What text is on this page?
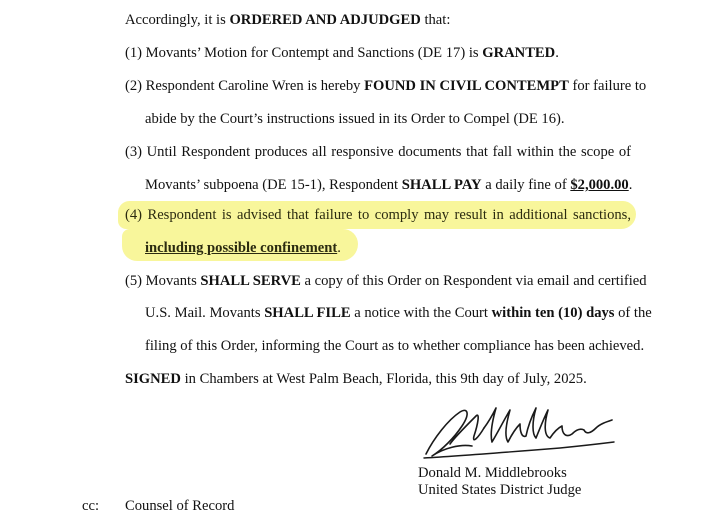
Accordingly, it is ORDERED AND ADJUDGED that:
(1) Movants’ Motion for Contempt and Sanctions (DE 17) is GRANTED.
(2) Respondent Caroline Wren is hereby FOUND IN CIVIL CONTEMPT for failure to
abide by the Court’s instructions issued in its Order to Compel (DE 16).
(3) Until Respondent produces all responsive documents that fall within the scope of
Movants’ subpoena (DE 15-1), Respondent SHALL PAY a daily fine of $2,000.00.
(4) Respondent is advised that failure to comply may result in additional sanctions,
including possible confinement.
(5) Movants SHALL SERVE a copy of this Order on Respondent via email and certified
U.S. Mail. Movants SHALL FILE a notice with the Court within ten (10) days of the
filing of this Order, informing the Court as to whether compliance has been achieved.
SIGNED in Chambers at West Palm Beach, Florida, this 9th day of July, 2025.
Donald M. Middlebrooks
United States District Judge
cc: Counsel of Record
